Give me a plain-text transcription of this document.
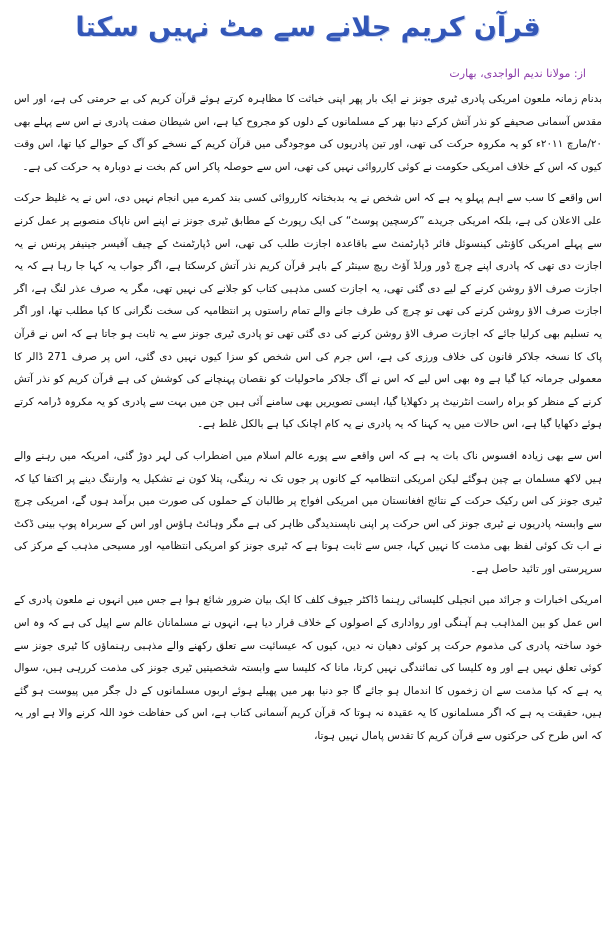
قرآن کریم جلانے سے مٹ نہیں سکتا
از: مولانا ندیم الواجدی، بھارت

بدنام زمانہ ملعون امریکی پادری ٹیری جونز نے ایک بار پھر اپنی خباثت کا مظاہرہ کرتے ہوئے قرآن کریم کی بے حرمتی کی ہے، اور اس مقدس آسمانی صحیفے کو نذر آتش کرکے دنیا بھر کے مسلمانوں کے دلوں کو مجروح کیا ہے، اس شیطان صفت پادری نے اس سے پہلے بھی ۲۰/مارچ ۲۰۱۱ء کو یہ مکروہ حرکت کی تھی، اور تین پادریوں کی موجودگی میں قرآن کریم کے نسخے کو آگ کے حوالے کیا تھا، اس وقت کیوں کہ اس کے خلاف امریکی حکومت نے کوئی کارروائی نہیں کی تھی، اس سے حوصلہ پاکر اس کم بخت نے دوبارہ یہ حرکت کی ہے۔

اس واقعے کا سب سے اہم پہلو یہ ہے کہ اس شخص نے یہ بدبختانہ کارروائی کسی بند کمرے میں انجام نہیں دی، اس نے یہ غلیظ حرکت علی الاعلان کی ہے، بلکہ امریکی جریدے ”کرسچین پوسٹ“ کی ایک رپورٹ کے مطابق ٹیری جونز نے اپنے اس ناپاک منصوبے پر عمل کرنے سے پہلے امریکی کاؤنٹی کینسوئل فائر ڈپارٹمنٹ سے باقاعدہ اجازت طلب کی تھی، اس ڈپارٹمنٹ کے چیف آفیسر جینیفر پرنس نے یہ اجازت دی تھی کہ پادری اپنے چرچ ڈور ورلڈ آؤٹ ریچ سینٹر کے باہر قرآن کریم نذر آتش کرسکتا ہے، اگر جواب یہ کہا جا رہا ہے کہ یہ اجازت صرف الاؤ روشن کرنے کے لیے دی گئی تھی، یہ اجازت کسی مذہبی کتاب کو جلانے کی نہیں تھی، مگر یہ صرف عذر لنگ ہے، اگر اجازت صرف الاؤ روشن کرنے کی تھی تو چرچ کی طرف جانے والے تمام راستوں پر انتظامیہ کی سخت نگرانی کا کیا مطلب تھا، اور اگر یہ تسلیم بھی کرلیا جائے کہ اجازت صرف الاؤ روشن کرنے کی دی گئی تھی تو پادری ٹیری جونز سے یہ ثابت ہو جاتا ہے کہ اس نے قرآن پاک کا نسخہ جلاکر قانون کی خلاف ورزی کی ہے، اس جرم کی اس شخص کو سزا کیوں نہیں دی گئی، اس پر صرف 271 ڈالر کا معمولی جرمانہ کیا گیا ہے وہ بھی اس لیے کہ اس نے آگ جلاکر ماحولیات کو نقصان پہنچانے کی کوشش کی ہے قرآن کریم کو نذر آتش کرنے کے منظر کو براہ راست انٹرنیٹ پر دکھلایا گیا، ایسی تصویریں بھی سامنے آئی ہیں جن میں بہت سے پادری کو یہ مکروہ ڈرامہ کرتے ہوئے دکھایا گیا ہے، اس حالات میں یہ کہنا کہ یہ پادری نے یہ کام اچانک کیا ہے بالکل غلط ہے۔

اس سے بھی زیادہ افسوس ناک بات یہ ہے کہ اس واقعے سے پورے عالم اسلام میں اضطراب کی لہر دوڑ گئی، امریکہ میں رہنے والے ہیں لاکھ مسلمان بے چین ہوگئے لیکن امریکی انتظامیہ کے کانوں پر جوں تک نہ رینگی، پتلا کون نے تشکیل یہ وارننگ دینے پر اکتفا کیا کہ ٹیری جونز کی اس رکیک حرکت کے نتائج افغانستان میں امریکی افواج پر طالبان کے حملوں کی صورت میں برآمد ہوں گے، امریکی چرچ سے وابستہ پادریوں نے ٹیری جونز کی اس حرکت پر اپنی ناپسندیدگی ظاہر کی ہے مگر وہائٹ ہاؤس اور اس کے سربراہ پوپ بینی ڈکٹ نے اب تک کوئی لفظ بھی مذمت کا نہیں کہا، جس سے ثابت ہوتا ہے کہ ٹیری جونز کو امریکی انتظامیہ اور مسیحی مذہب کے مرکز کی سرپرستی اور تائید حاصل ہے۔

امریکی اخبارات و جرائد میں انجیلی کلیسائی رہنما ڈاکٹر جیوف کلف کا ایک بیان ضرور شائع ہوا ہے جس میں انہوں نے ملعون پادری کے اس عمل کو بین المذاہب ہم آہنگی اور رواداری کے اصولوں کے خلاف قرار دیا ہے، انہوں نے مسلمانان عالم سے اپیل کی ہے کہ وہ اس خود ساختہ پادری کی مذموم حرکت پر کوئی دھیان نہ دیں، کیوں کہ عیسائیت سے تعلق رکھنے والے مذہبی رہنماؤں کا ٹیری جونز سے کوئی تعلق نہیں ہے اور وہ کلیسا کی نمائندگی نہیں کرتا، مانا کہ کلیسا سے وابستہ شخصیتیں ٹیری جونز کی مذمت کررہی ہیں، سوال یہ ہے کہ کیا مذمت سے ان زخموں کا اندمال ہو جائے گا جو دنیا بھر میں پھیلے ہوئے اربوں مسلمانوں کے دل جگر میں پیوست ہو گئے ہیں، حقیقت یہ ہے کہ اگر مسلمانوں کا یہ عقیدہ نہ ہوتا کہ قرآن کریم آسمانی کتاب ہے، اس کی حفاظت خود اللہ کرنے والا ہے اور یہ کہ اس طرح کی حرکتوں سے قرآن کریم کا تقدس پامال نہیں ہوتا،
